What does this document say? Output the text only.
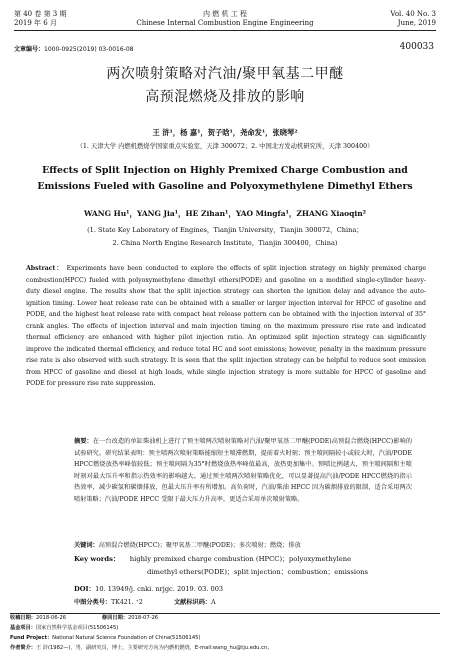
第 40 卷 第 3 期
2019 年 6 月
内 燃 机 工 程
Chinese Internal Combustion Engine Engineering
Vol. 40 No. 3
June, 2019
文章编号：1000-0925(2019) 03-0016-08	400033
两次喷射策略对汽油/聚甲氧基二甲醚
高预混燃烧及排放的影响
王 浒¹，杨 嘉¹，贺子晗¹，尧命发¹，张晓琴²
（1. 天津大学 内燃机燃烧学国家重点实验室，天津 300072；2. 中国北方发动机研究所，天津 300400）
Effects of Split Injection on Highly Premixed Charge Combustion and
Emissions Fueled with Gasoline and Polyoxymethylene Dimethyl Ethers
WANG Hu¹，YANG Jia¹，HE Zihan¹，YAO Mingfa¹，ZHANG Xiaoqin²
(1. State Key Laboratory of Engines，Tianjin University，Tianjin 300072，China；
2. China North Engine Research Institute，Tianjin 300400，China)
Abstract： Experiments have been conducted to explore the effects of split injection strategy on highly premixed charge combustion(HPCC) fueled with polyoxymethylene dimethyl ethers(PODE) and gasoline on a modified single-cylinder heavy-duty diesel engine. The results show that the split injection strategy can shorten the ignition delay and advance the auto-ignition timing. Lower heat release rate can be obtained with a smaller or larger injection interval for HPCC of gasoline and PODE, and the highest heat release rate with compact heat release pattern can be obtained with the injection interval of 35° crank angles. The effects of injection interval and main injection timing on the maximum pressure rise rate and indicated thermal efficiency are enhanced with higher pilot injection ratio. An optimized split injection strategy can significantly improve the indicated thermal efficiency, and reduce total HC and soot emissions; however, penalty in the maximum pressure rise rate is also observed with such strategy. It is seen that the split injection strategy can be helpful to reduce soot emission from HPCC of gasoline and diesel at high loads, while single injection strategy is more suitable for HPCC of gasoline and PODE for pressure rise rate suppression.
摘要：在一台改造的单缸柴油机上进行了预主喷两次喷射策略对汽油/聚甲氧基二甲醚(PODE)高预混合燃烧(HPCC)影响的试验研究。研究结果表明：预主喷两次喷射策略能缩短主喷滞燃期，提前着火时刻；预主喷间隔较小或较大时，汽油/PODE HPCC燃烧放热率峰值较低；预主喷间隔为35°时燃烧放热率峰值最高，放热更加集中。预喷比例越大，预主喷间隔和主喷时刻对最大压升率和指示热效率的影响越大。通过预主喷两次喷射策略优化，可以显著提高汽油/PODE HPCC燃烧的指示热效率，减少碳氢和碳烟排放，但最大压升率有所增加。高负荷时，汽油/柴油 HPCC 因为碳烟排放的限制，适合采用两次喷射策略；汽油/PODE HPCC 受限于最大压力升高率，更适合采用单次喷射策略。
关键词：高预混合燃烧(HPCC)；聚甲氧基二甲醚(PODE)；多次喷射；燃烧；排放
Key words： highly premixed charge combustion (HPCC)；polyoxymethylene
dimethyl ethers(PODE)；split injection；combustion；emissions
DOI：10. 13949/j. cnki. nrjgc. 2019. 03. 003
中图分类号：TK421. ⁺2	文献标识码：A
收稿日期：2018-06-26	修回日期：2018-07-26
基金项目：国家自然科学基金项目(51506145)
Fund Project：National Natural Science Foundation of China(51506145)
作者简介：王 浒(1982—)，男，副研究员，博士，主要研究方向为内燃机燃烧，E-mail:wang_hu@tju.edu.cn。
